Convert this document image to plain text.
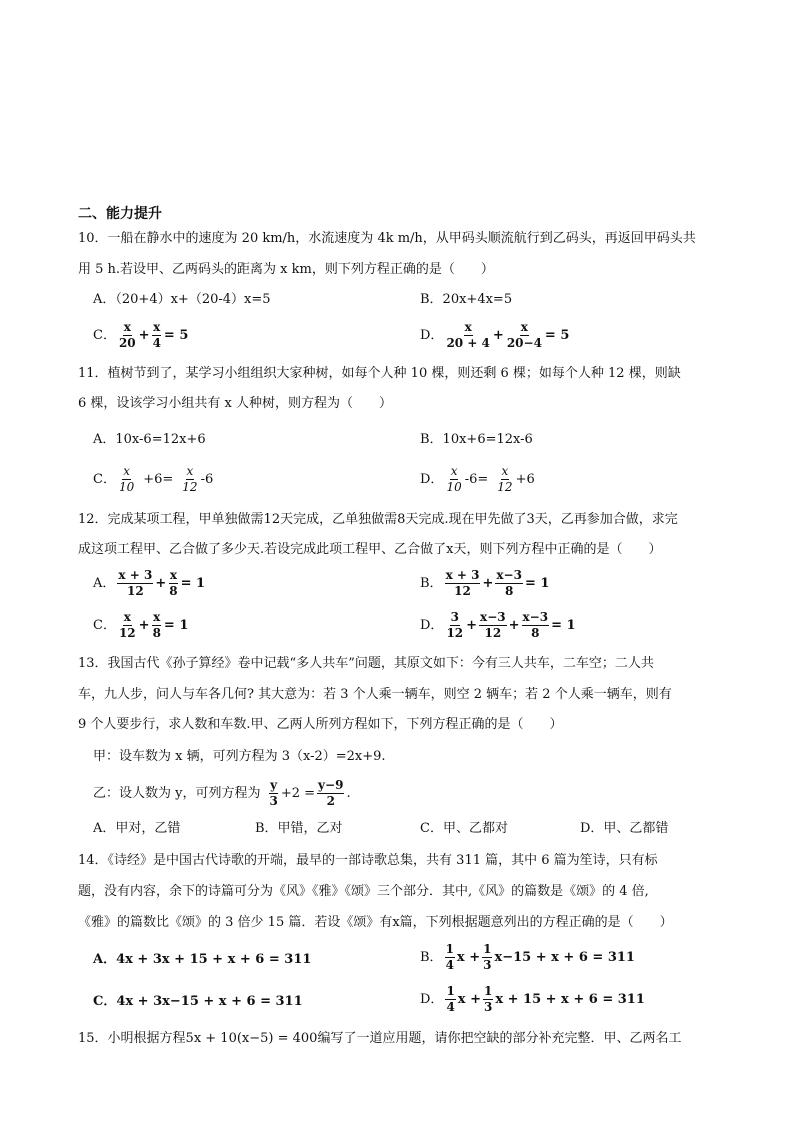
二、能力提升
10．一船在静水中的速度为 20 km/h，水流速度为 4k m/h，从甲码头顺流航行到乙码头，再返回甲码头共
用 5 h.若设甲、乙两码头的距离为 x km，则下列方程正确的是（　　）
A．（20+4）x+（20-4）x=5	B．20x+4x=5
C． $\frac{x}{20} + \frac{x}{4} = 5$	D． $\frac{x}{20 + 4} + \frac{x}{20-4} = 5$
11．植树节到了，某学习小组组织大家种树，如每个人种 10 棵，则还剩 6 棵；如每个人种 12 棵，则缺
6 棵，设该学习小组共有 x 人种树，则方程为（　　）
A．10x-6=12x+6	B．10x+6=12x-6
C． $\frac{x}{10} +6= \frac{x}{12} -6$	D． $\frac{x}{10} -6= \frac{x}{12} +6$
12．完成某项工程，甲单独做需12天完成，乙单独做需8天完成.现在甲先做了3天，乙再参加合做，求完
成这项工程甲、乙合做了多少天.若设完成此项工程甲、乙合做了x天，则下列方程中正确的是（　　）
A． $\frac{x + 3}{12} + \frac{x}{8} = 1$	B． $\frac{x + 3}{12} + \frac{x-3}{8} = 1$
C． $\frac{x}{12} + \frac{x}{8} = 1$	D． $\frac{3}{12} + \frac{x-3}{12} + \frac{x-3}{8} = 1$
13．我国古代《孙子算经》卷中记载“多人共车”问题，其原文如下：今有三人共车，二车空；二人共
车，九人步，问人与车各几何? 其大意为：若 3 个人乘一辆车，则空 2 辆车；若 2 个人乘一辆车，则有
9 个人要步行，求人数和车数.甲、乙两人所列方程如下，下列方程正确的是（　　）
甲：设车数为 x 辆，可列方程为 3（x-2）=2x+9.
乙：设人数为 y，可列方程为 $\frac{y}{3} +2 = \frac{y-9}{2}$ .
A．甲对，乙错	B．甲错，乙对	C．甲、乙都对	D．甲、乙都错
14．《诗经》是中国古代诗歌的开端，最早的一部诗歌总集，共有 311 篇，其中 6 篇为笙诗，只有标
题，没有内容，余下的诗篇可分为《风》《雅》《颂》三个部分．其中,《风》的篇数是《颂》的 4 倍,
《雅》的篇数比《颂》的 3 倍少 15 篇．若设《颂》有x篇，下列根据题意列出的方程正确的是（　　）
A．4x + 3x + 15 + x + 6 = 311	B． $\frac{1}{4}$ $x + \frac{1}{3} x-15 + x + 6 = 311$
C．4x + 3x−15 + x + 6 = 311	D． $\frac{1}{4}$ $x + \frac{1}{3}$ x + 15 + x + 6 = 311
15．小明根据方程5x + 10(x−5) = 400编写了一道应用题，请你把空缺的部分补充完整．甲、乙两名工
